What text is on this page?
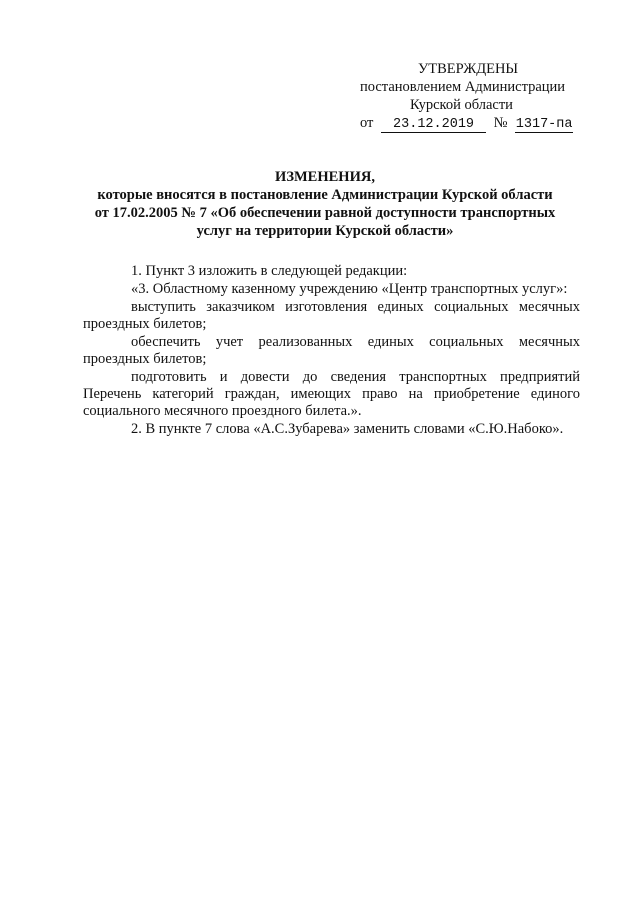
УТВЕРЖДЕНЫ
постановлением Администрации
Курской области
от 23.12.2019 № 1317-па
ИЗМЕНЕНИЯ,
которые вносятся в постановление Администрации Курской области от 17.02.2005 № 7 «Об обеспечении равной доступности транспортных услуг на территории Курской области»

1. Пункт 3 изложить в следующей редакции:

«3. Областному казенному учреждению «Центр транспортных услуг»:

выступить заказчиком изготовления единых социальных месячных проездных билетов;

обеспечить учет реализованных единых социальных месячных проездных билетов;

подготовить и довести до сведения транспортных предприятий Перечень категорий граждан, имеющих право на приобретение единого социального месячного проездного билета.».

2. В пункте 7 слова «А.С.Зубарева» заменить словами «С.Ю.Набоко».
